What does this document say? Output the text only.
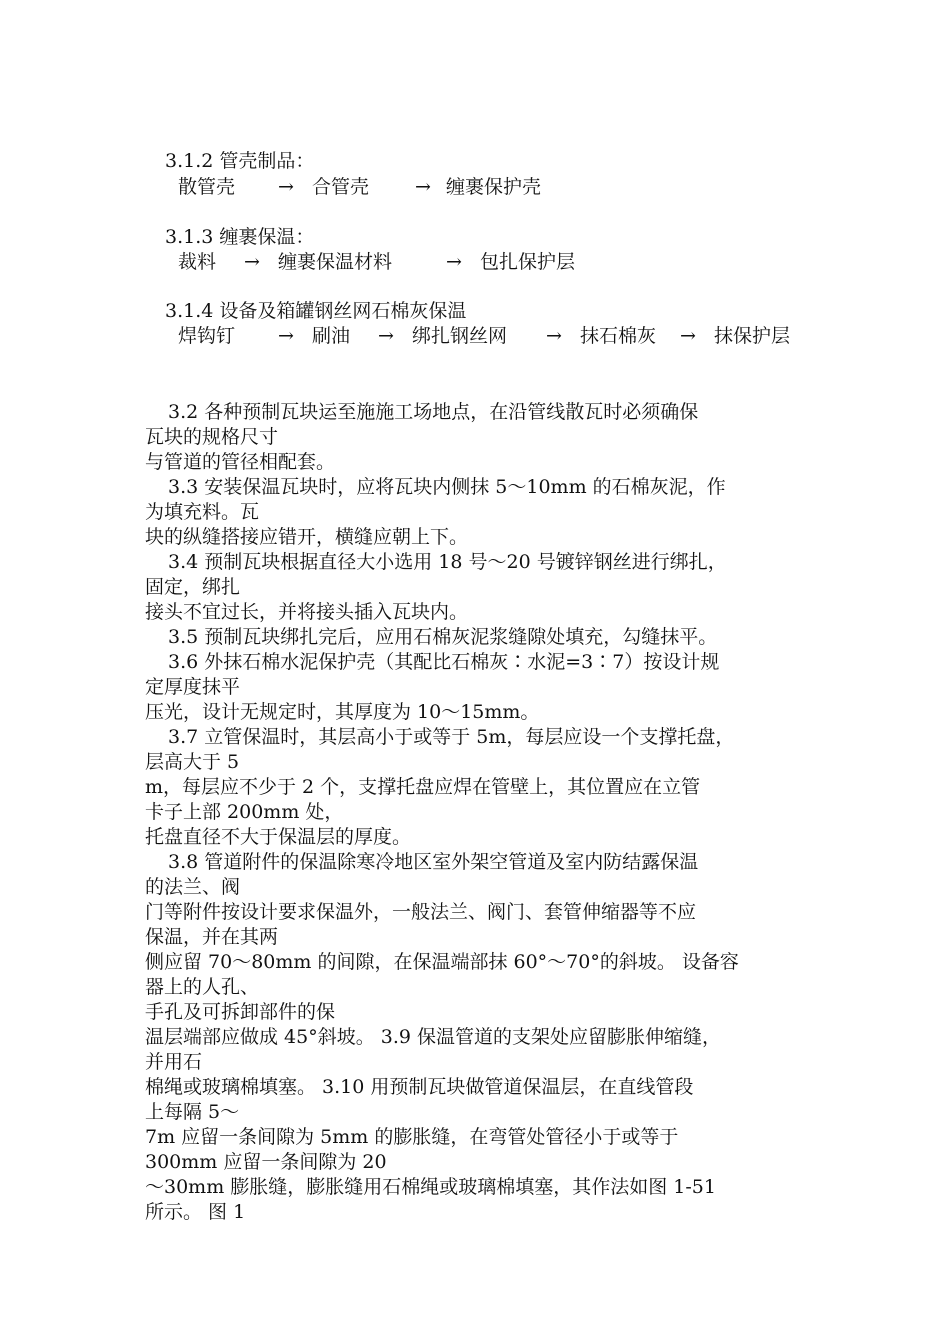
3.1.2 管壳制品：
散管壳 → 合管壳 → 缠裹保护壳
3.1.3 缠裹保温：
裁料 → 缠裹保温材料	→ 包扎保护层
3.1.4 设备及箱罐钢丝网石棉灰保温
焊钩钉 → 刷油 → 绑扎钢丝网 → 抹石棉灰 → 抹保护层
3.2 各种预制瓦块运至施施工场地点，在沿管线散瓦时必须确保
瓦块的规格尺寸
与管道的管径相配套。
3.3 安装保温瓦块时，应将瓦块内侧抹 5～10mm 的石棉灰泥，作
为填充料。瓦
块的纵缝搭接应错开，横缝应朝上下。
3.4 预制瓦块根据直径大小选用 18 号～20 号镀锌钢丝进行绑扎，
固定，绑扎
接头不宜过长，并将接头插入瓦块内。
3.5 预制瓦块绑扎完后，应用石棉灰泥浆缝隙处填充，勾缝抹平。
3.6 外抹石棉水泥保护壳（其配比石棉灰∶水泥=3∶7）按设计规
定厚度抹平
压光，设计无规定时，其厚度为 10～15mm。
3.7 立管保温时，其层高小于或等于 5m，每层应设一个支撑托盘，
层高大于 5
m，每层应不少于 2 个，支撑托盘应焊在管壁上，其位置应在立管
卡子上部 200mm 处，
托盘直径不大于保温层的厚度。
3.8 管道附件的保温除寒冷地区室外架空管道及室内防结露保温
的法兰、阀
门等附件按设计要求保温外，一般法兰、阀门、套管伸缩器等不应
保温，并在其两
侧应留 70～80mm 的间隙，在保温端部抹 60°～70°的斜坡。 设备容
器上的人孔、
手孔及可拆卸部件的保
温层端部应做成 45°斜坡。 3.9 保温管道的支架处应留膨胀伸缩缝，
并用石
棉绳或玻璃棉填塞。 3.10 用预制瓦块做管道保温层，在直线管段
上每隔 5～
7m 应留一条间隙为 5mm 的膨胀缝，在弯管处管径小于或等于
300mm 应留一条间隙为 20
～30mm 膨胀缝，膨胀缝用石棉绳或玻璃棉填塞，其作法如图 1-51
所示。 图 1
